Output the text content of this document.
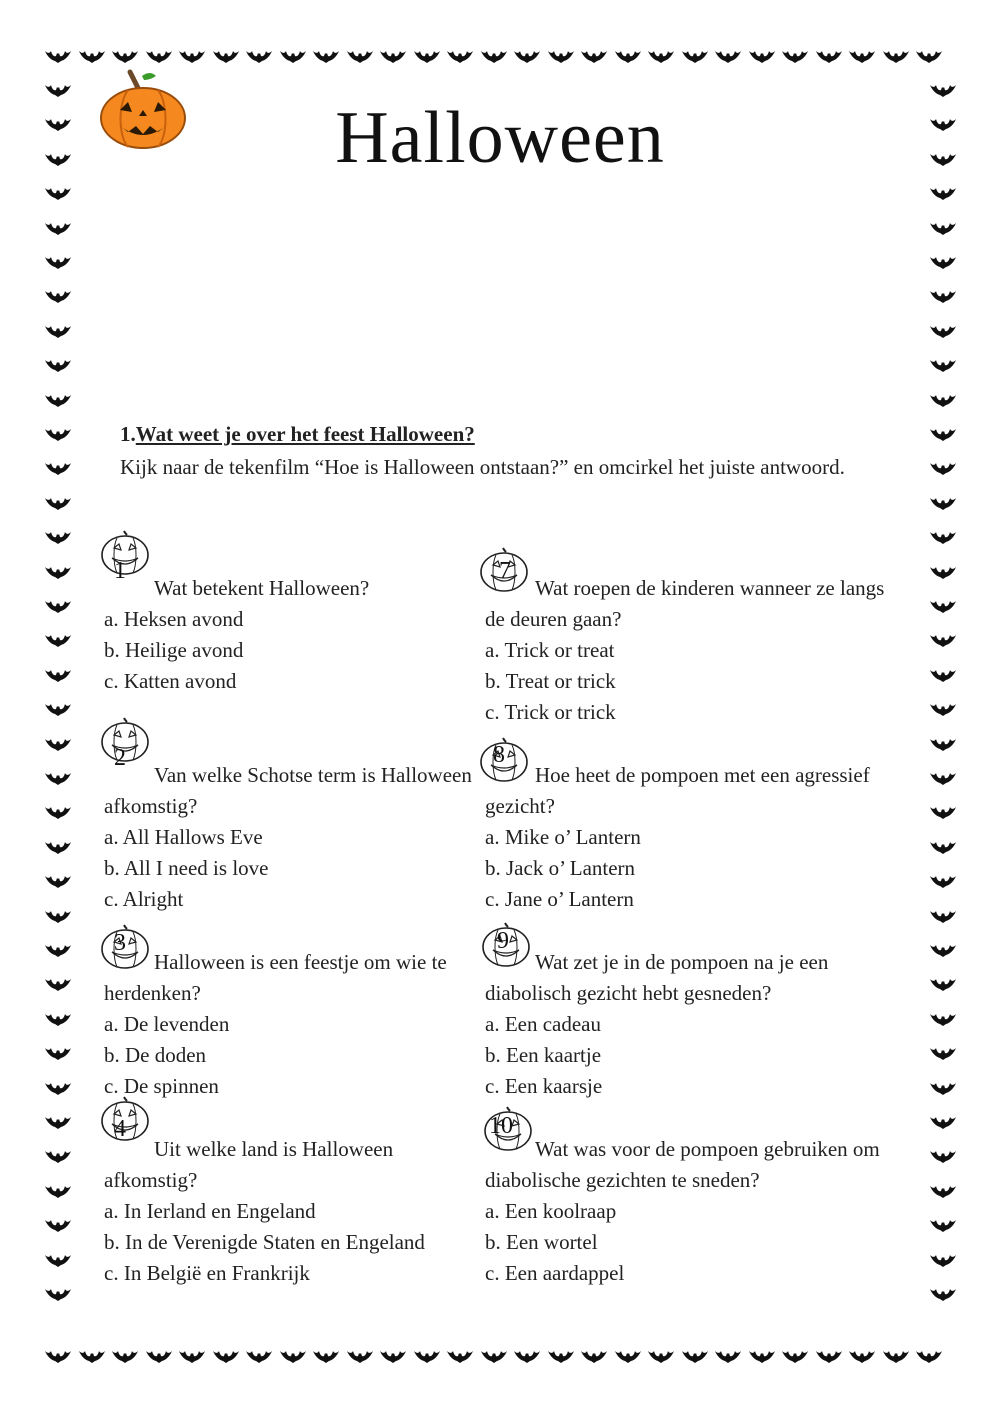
Halloween
1.Wat weet je over het feest Halloween?
Kijk naar de tekenfilm “Hoe is Halloween ontstaan?” en omcirkel het juiste antwoord.
1

Wat betekent Halloween?

a. Heksen avond

b. Heilige avond

c. Katten avond

2

Van welke Schotse term is Halloween afkomstig?

a. All Hallows Eve

b. All I need is love

c. Alright

3

Halloween is een feestje om wie te herdenken?

a. De levenden

b. De doden

c. De spinnen

4

Uit welke land is Halloween afkomstig?

a. In Ierland en Engeland

b. In de Verenigde Staten en Engeland

c. In België en Frankrijk

7

Wat roepen de kinderen wanneer ze langs de deuren gaan?

a. Trick or treat

b. Treat or trick

c. Trick or trick

8

Hoe heet de pompoen met een agressief gezicht?

a. Mike o’ Lantern

b. Jack o’ Lantern

c. Jane o’ Lantern

9

Wat zet je in de pompoen na je een diabolisch gezicht hebt gesneden?

a. Een cadeau

b. Een kaartje

c. Een kaarsje

10

Wat was voor de pompoen gebruiken om diabolische gezichten te sneden?

a. Een koolraap

b. Een wortel

c. Een aardappel
